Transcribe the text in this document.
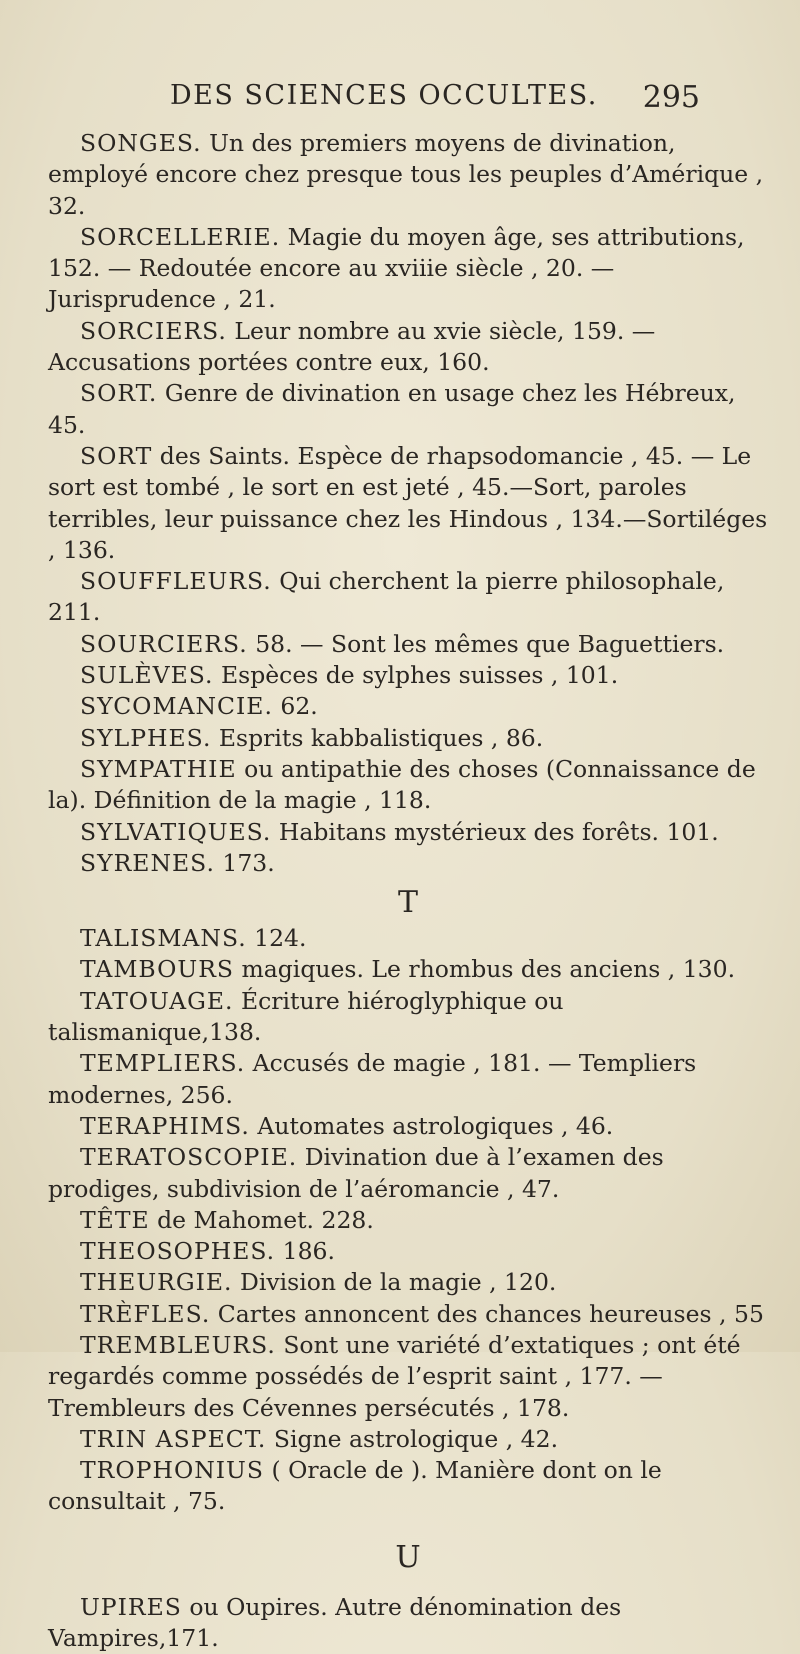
DES SCIENCES OCCULTES. 295

SONGES. Un des premiers moyens de divination, employé encore chez presque tous les peuples d’Amérique , 32.

SORCELLERIE. Magie du moyen âge, ses attributions, 152. — Redoutée encore au xviiie siècle , 20. — Jurisprudence , 21.

SORCIERS. Leur nombre au xvie siècle, 159. — Accusations portées contre eux, 160.

SORT. Genre de divination en usage chez les Hébreux, 45.

SORT des Saints. Espèce de rhapsodomancie , 45. — Le sort est tombé , le sort en est jeté , 45.—Sort, paroles terribles, leur puissance chez les Hindous , 134.—Sortiléges , 136.

SOUFFLEURS. Qui cherchent la pierre philosophale, 211.

SOURCIERS. 58. — Sont les mêmes que Baguettiers.

SULÈVES. Espèces de sylphes suisses , 101.

SYCOMANCIE. 62.

SYLPHES. Esprits kabbalistiques , 86.

SYMPATHIE ou antipathie des choses (Connaissance de la). Définition de la magie , 118.

SYLVATIQUES. Habitans mystérieux des forêts. 101.

SYRENES. 173.

T

TALISMANS. 124.

TAMBOURS magiques. Le rhombus des anciens , 130.

TATOUAGE. Écriture hiéroglyphique ou talismanique,138.

TEMPLIERS. Accusés de magie , 181. — Templiers modernes, 256.

TERAPHIMS. Automates astrologiques , 46.

TERATOSCOPIE. Divination due à l’examen des prodiges, subdivision de l’aéromancie , 47.

TÊTE de Mahomet. 228.

THEOSOPHES. 186.

THEURGIE. Division de la magie , 120.

TRÈFLES. Cartes annoncent des chances heureuses , 55

TREMBLEURS. Sont une variété d’extatiques ; ont été regardés comme possédés de l’esprit saint , 177. — Trembleurs des Cévennes persécutés , 178.

TRIN ASPECT. Signe astrologique , 42.

TROPHONIUS ( Oracle de ). Manière dont on le consultait , 75.

U

UPIRES ou Oupires. Autre dénomination des Vampires,171.
